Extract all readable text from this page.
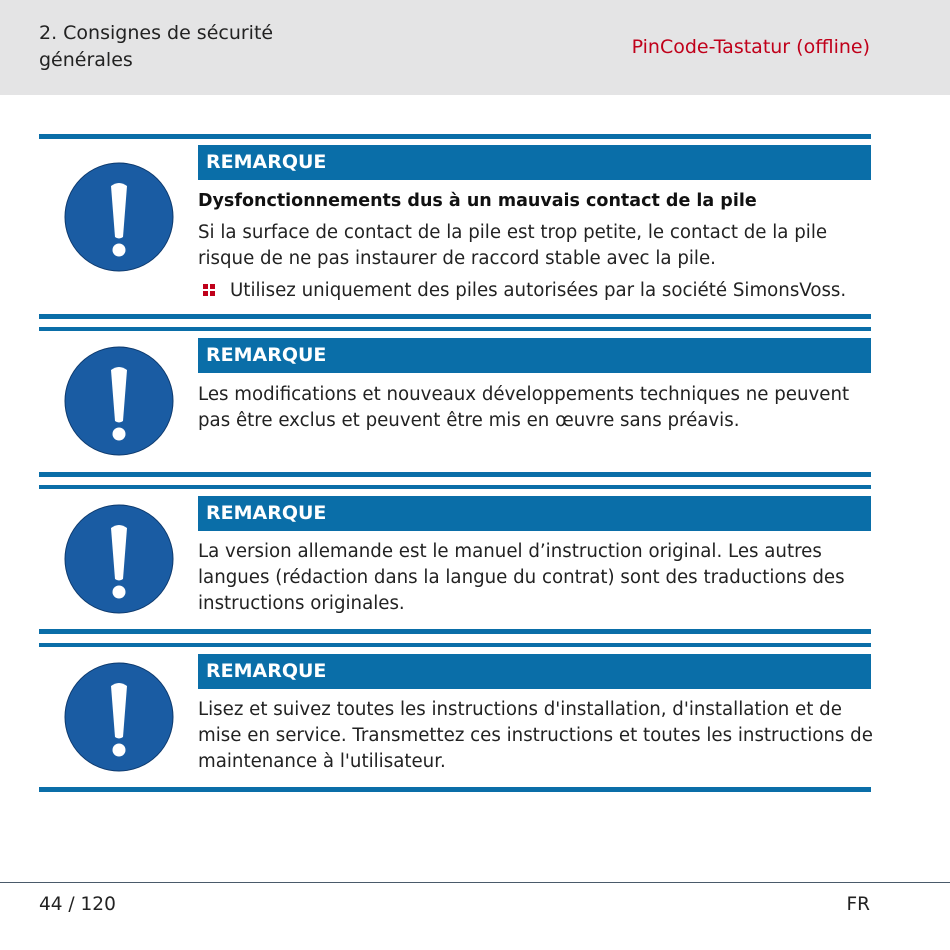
2. Consignes de sécurité générales
PinCode-Tastatur (offline)
REMARQUE
Dysfonctionnements dus à un mauvais contact de la pile
Si la surface de contact de la pile est trop petite, le contact de la pile risque de ne pas instaurer de raccord stable avec la pile.
Utilisez uniquement des piles autorisées par la société SimonsVoss.
REMARQUE
Les modifications et nouveaux développements techniques ne peuvent pas être exclus et peuvent être mis en œuvre sans préavis.
REMARQUE
La version allemande est le manuel d’instruction original. Les autres langues (rédaction dans la langue du contrat) sont des traductions des instructions originales.
REMARQUE
Lisez et suivez toutes les instructions d'installation, d'installation et de mise en service. Transmettez ces instructions et toutes les instructions de maintenance à l'utilisateur.
44 / 120	FR
